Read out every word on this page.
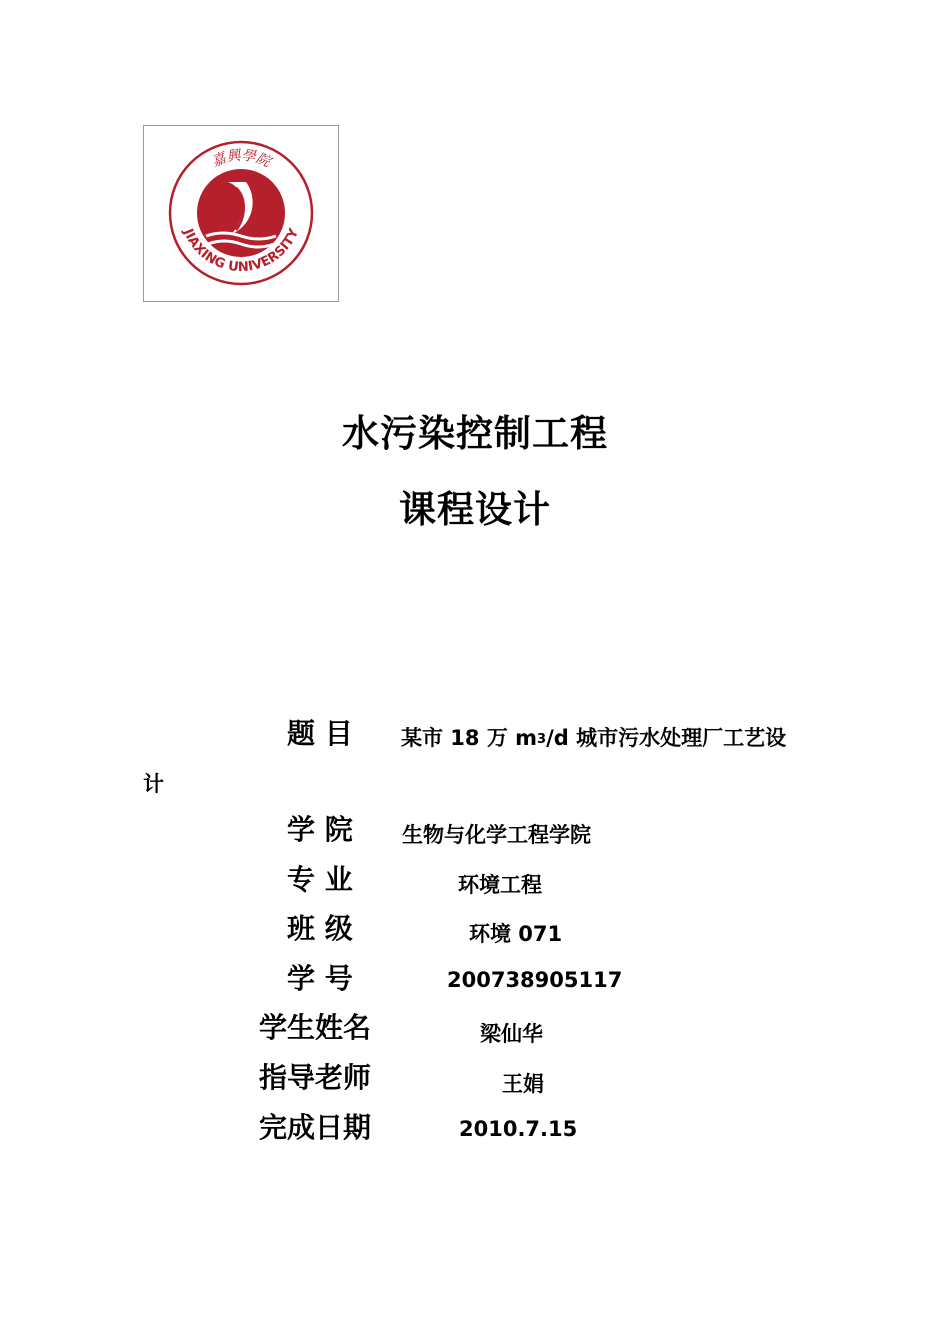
嘉興學院
JIAXING UNIVERSITY
水污染控制工程
课程设计
题 目 某市 18 万 m3/d 城市污水处理厂工艺设
计
学 院 生物与化学工程学院
专 业	环境工程
班 级	环境 071
学 号	200738905117
学生姓名	梁仙华
指导老师	王娟
完成日期	2010.7.15
